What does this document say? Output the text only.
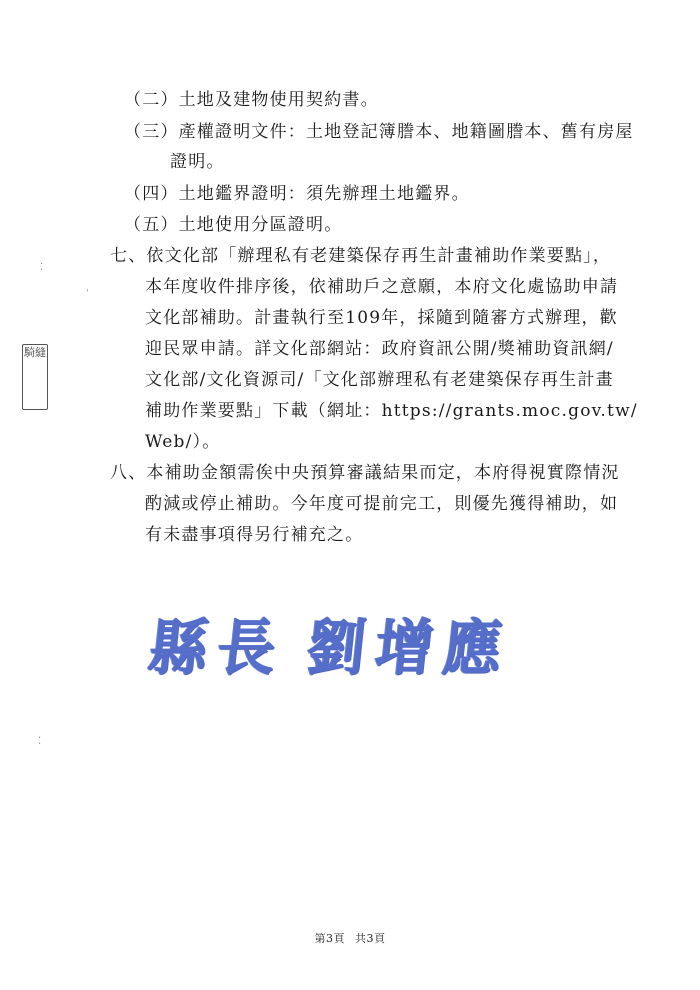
（二）土地及建物使用契約書。
（三）產權證明文件：土地登記簿謄本、地籍圖謄本、舊有房屋
證明。
（四）土地鑑界證明：須先辦理土地鑑界。
（五）土地使用分區證明。
七、依文化部「辦理私有老建築保存再生計畫補助作業要點」，
本年度收件排序後，依補助戶之意願，本府文化處協助申請
文化部補助。計畫執行至109年，採隨到隨審方式辦理，歡
迎民眾申請。詳文化部網站：政府資訊公開/獎補助資訊網/
文化部/文化資源司/「文化部辦理私有老建築保存再生計畫
補助作業要點」下載（網址：https://grants.moc.gov.tw/
Web/）。
八、本補助金額需俟中央預算審議結果而定，本府得視實際情況
酌減或停止補助。今年度可提前完工，則優先獲得補助，如
有未盡事項得另行補充之。
縣長 劉增應
騎縫
⁚
ˌ
⁚
第3頁 共3頁
